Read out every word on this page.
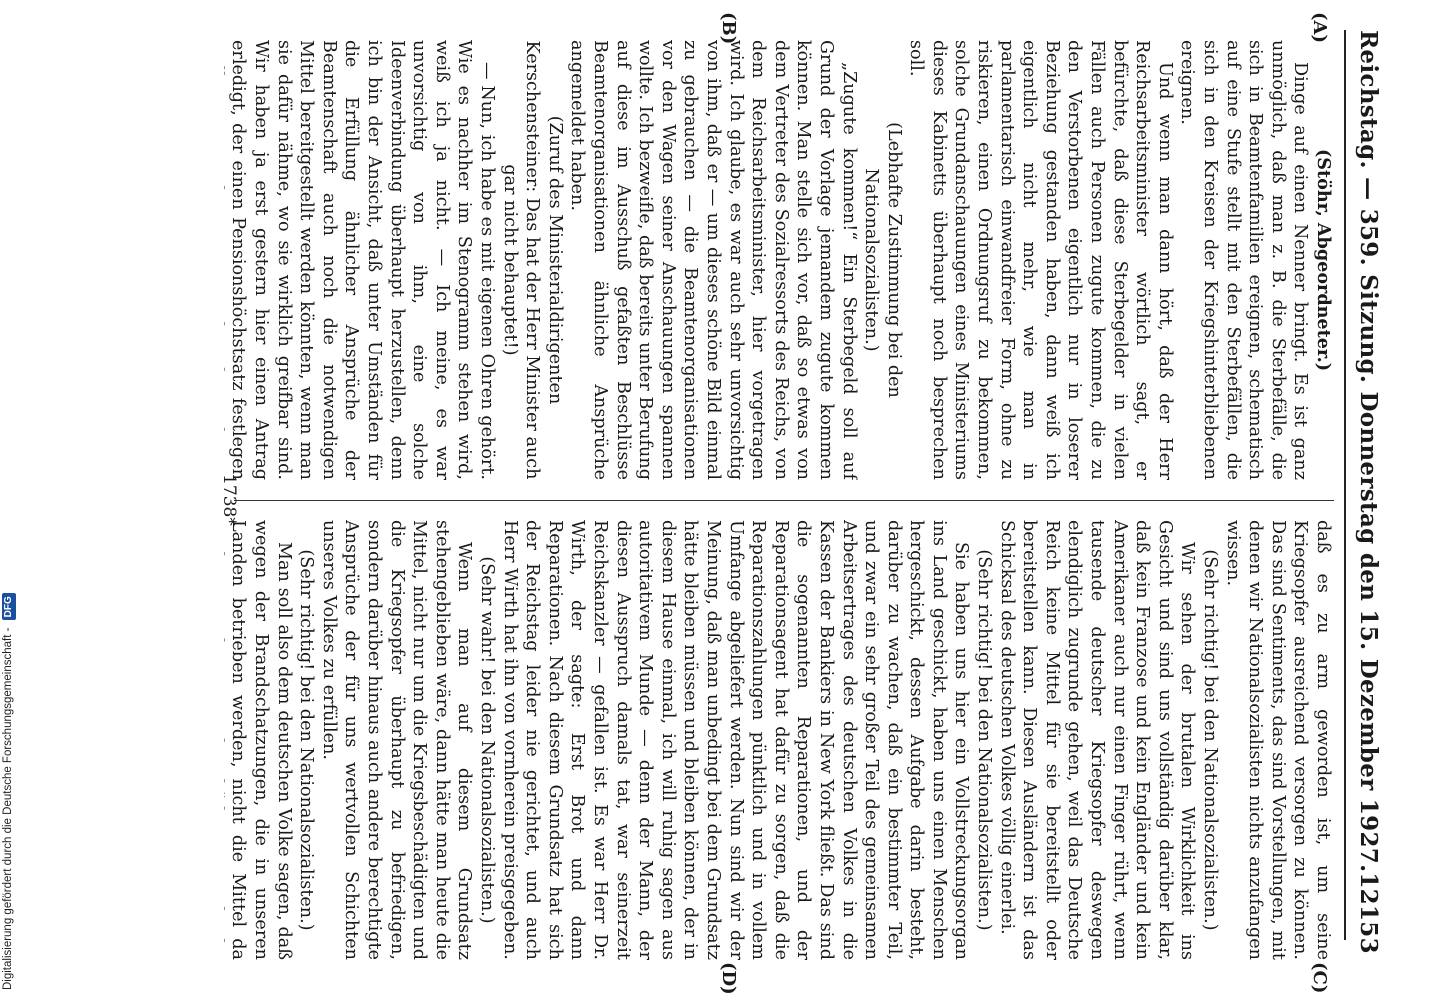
Reichstag. — 359. Sitzung. Donnerstag den 15. Dezember 1927.
12153
(A)
(B)
(C)
(D)

(Stöhr, Abgeordneter.)

Dinge auf einen Nenner bringt. Es ist ganz unmöglich, daß man z. B. die Sterbefälle, die sich in Beamtenfamilien ereignen, schematisch auf eine Stufe stellt mit den Sterbefällen, die sich in den Kreisen der Kriegshinterbliebenen ereignen.

Und wenn man dann hört, daß der Herr Reichsarbeitsminister wörtlich sagt, er befürchte, daß diese Sterbegelder in vielen Fällen auch Personen zugute kommen, die zu den Verstorbenen eigentlich nur in loserer Beziehung gestanden haben, dann weiß ich eigentlich nicht mehr, wie man in parlamentarisch einwandfreier Form, ohne zu riskieren, einen Ordnungsruf zu bekommen, solche Grundanschauungen eines Ministeriums dieses Kabinetts überhaupt noch besprechen soll.

(Lebhafte Zustimmung bei den Nationalsozialisten.)

„Zugute kommen!“ Ein Sterbegeld soll auf Grund der Vorlage jemandem zugute kommen können. Man stelle sich vor, daß so etwas von dem Vertreter des Sozialressorts des Reichs, von dem Reichsarbeitsminister, hier vorgetragen wird. Ich glaube, es war auch sehr unvorsichtig von ihm, daß er — um dieses schöne Bild einmal zu gebrauchen — die Beamtenorganisationen vor den Wagen seiner Anschauungen spannen wollte. Ich bezweifle, daß bereits unter Berufung auf diese im Ausschuß gefaßten Beschlüsse Beamtenorganisationen ähnliche Ansprüche angemeldet haben.

(Zuruf des Ministerialdirigenten Kerschensteiner: Das hat der Herr Minister auch gar nicht behauptet!)

— Nun, ich habe es mit eigenen Ohren gehört. Wie es nachher im Stenogramm stehen wird, weiß ich ja nicht. — Ich meine, es war unvorsichtig von ihm, eine solche Ideenverbindung überhaupt herzustellen, denn ich bin der Ansicht, daß unter Umständen für die Erfüllung ähnlicher Ansprüche der Beamtenschaft auch noch die notwendigen Mittel bereitgestellt werden könnten, wenn man sie dafür nähme, wo sie wirklich greifbar sind. Wir haben ja erst gestern hier einen Antrag erledigt, der einen Pensionshöchstsatz festlegen

daß es zu arm geworden ist, um seine Kriegsopfer ausreichend versorgen zu können. Das sind Sentiments, das sind Vorstellungen, mit denen wir Nationalsozialisten nichts anzufangen wissen.

(Sehr richtig! bei den Nationalsozialisten.)

Wir sehen der brutalen Wirklichkeit ins Gesicht und sind uns vollständig darüber klar, daß kein Franzose und kein Engländer und kein Amerikaner auch nur einen Finger rührt, wenn tausende deutscher Kriegsopfer deswegen elendiglich zugrunde gehen, weil das Deutsche Reich keine Mittel für sie bereitstellt oder bereitstellen kann. Diesen Ausländern ist das Schicksal des deutschen Volkes völlig einerlei.

(Sehr richtig! bei den Nationalsozialisten.)

Sie haben uns hier ein Vollstreckungsorgan ins Land geschickt, haben uns einen Menschen hergeschickt, dessen Aufgabe darin besteht, darüber zu wachen, daß ein bestimmter Teil, und zwar ein sehr großer Teil des gemeinsamen Arbeitsertrages des deutschen Volkes in die Kassen der Bankiers in New York fließt. Das sind die sogenannten Reparationen, und der Reparationsagent hat dafür zu sorgen, daß die Reparationszahlungen pünktlich und in vollem Umfange abgeliefert werden. Nun sind wir der Meinung, daß man unbedingt bei dem Grundsatz hätte bleiben müssen und bleiben können, der in diesem Hause einmal, ich will ruhig sagen aus autoritativem Munde — denn der Mann, der diesen Ausspruch damals tat, war seinerzeit Reichskanzler — gefallen ist. Es war Herr Dr. Wirth, der sagte: Erst Brot und dann Reparationen. Nach diesem Grundsatz hat sich der Reichstag leider nie gerichtet, und auch Herr Wirth hat ihn von vornherein preisgegeben.

(Sehr wahr! bei den Nationalsozialisten.)

Wenn man auf diesem Grundsatz stehengeblieben wäre, dann hätte man heute die Mittel, nicht nur um die Kriegsbeschädigten und die Kriegsopfer überhaupt zu befriedigen, sondern darüber hinaus auch andere berechtigte Ansprüche der für uns wertvollen Schichten unseres Volkes zu erfüllen.

(Sehr richtig! bei den Nationalsozialisten.)

Man soll also dem deutschen Volke sagen, daß wegen der Brandschatzungen, die in unseren Landen betrieben werden, nicht die Mittel da

1738*
Digitalisierung gefördert durch die Deutsche Forschungsgemeinschaft - DFG
